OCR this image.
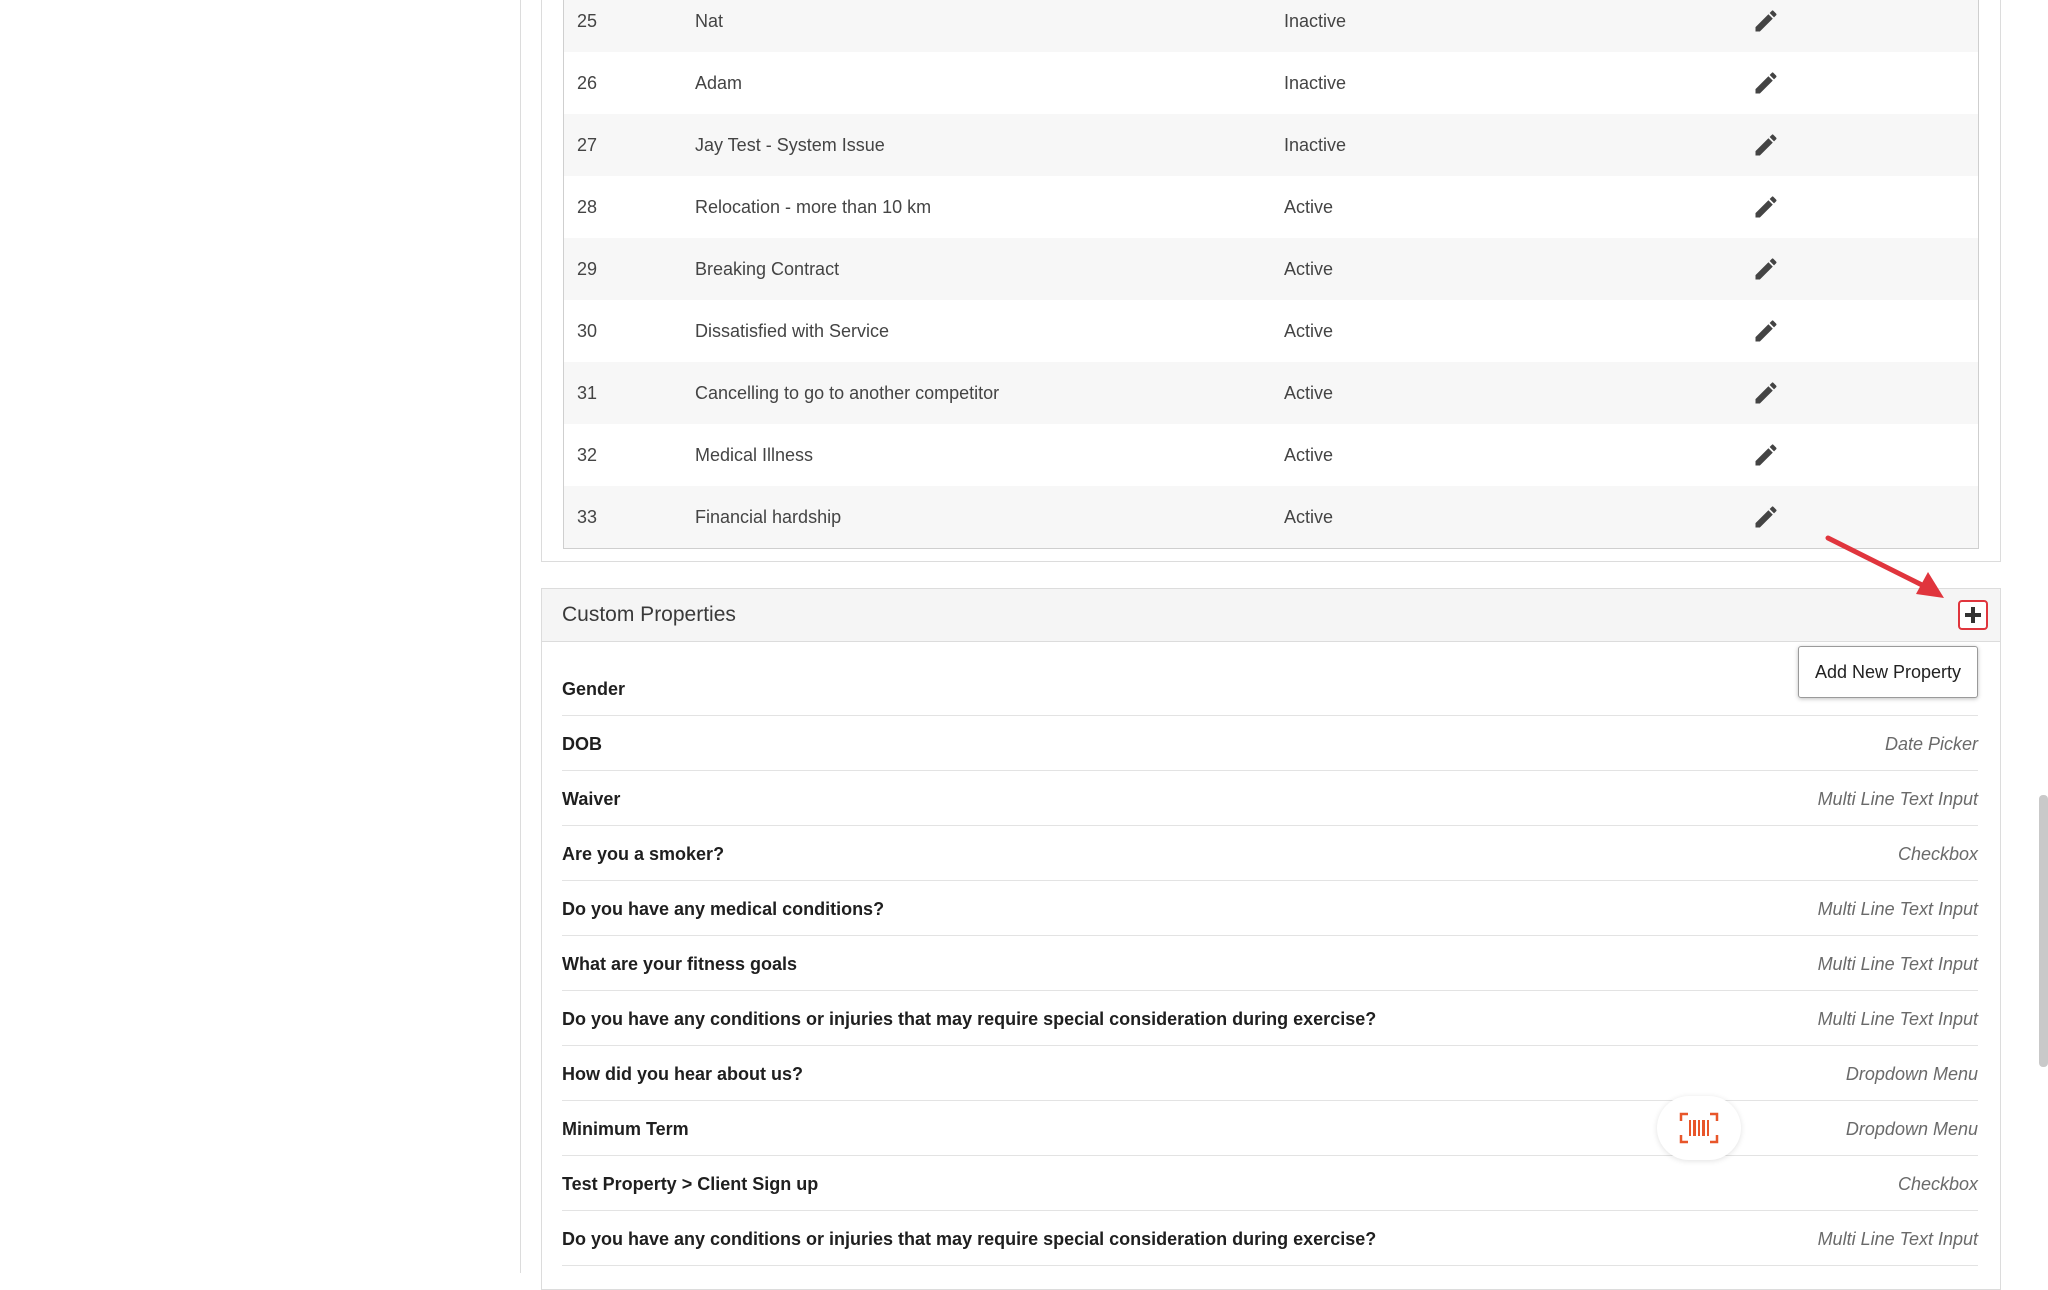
25	Nat	Inactive
26	Adam	Inactive
27	Jay Test - System Issue	Inactive
28	Relocation - more than 10 km	Active
29	Breaking Contract	Active
30	Dissatisfied with Service	Active
31	Cancelling to go to another competitor	Active
32	Medical Illness	Active
33	Financial hardship	Active
Custom Properties
Add New Property
Gender
DOB	Date Picker
Waiver	Multi Line Text Input
Are you a smoker?	Checkbox
Do you have any medical conditions?	Multi Line Text Input
What are your fitness goals	Multi Line Text Input
Do you have any conditions or injuries that may require special consideration during exercise?	Multi Line Text Input
How did you hear about us?	Dropdown Menu
Minimum Term	Dropdown Menu
Test Property > Client Sign up	Checkbox
Do you have any conditions or injuries that may require special consideration during exercise?	Multi Line Text Input
